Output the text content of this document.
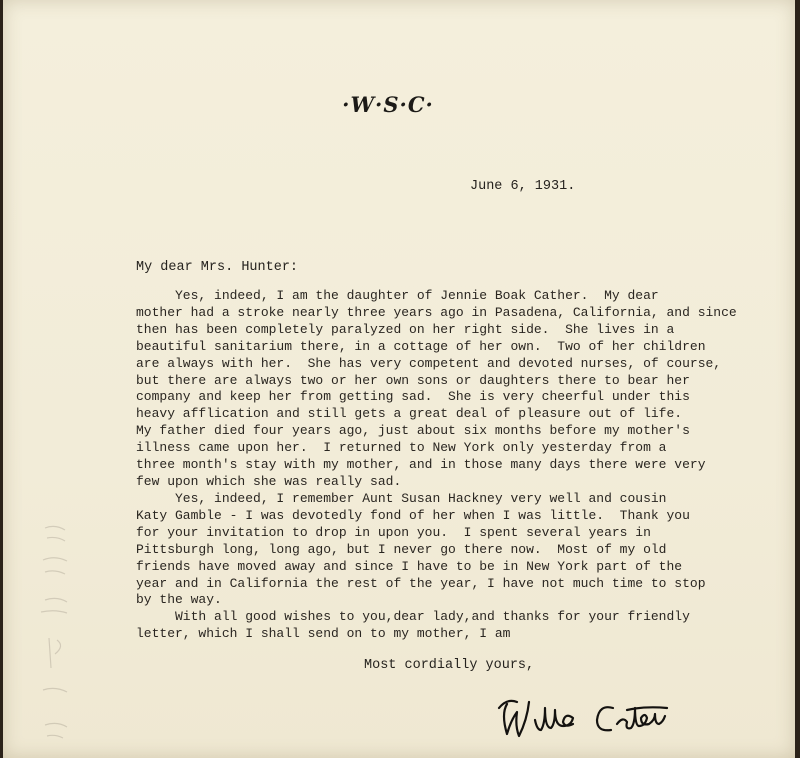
·W·S·C·
June 6, 1931.
My dear Mrs. Hunter:
Yes, indeed, I am the daughter of Jennie Boak Cather.  My dear
mother had a stroke nearly three years ago in Pasadena, California, and since
then has been completely paralyzed on her right side.  She lives in a
beautiful sanitarium there, in a cottage of her own.  Two of her children
are always with her.  She has very competent and devoted nurses, of course,
but there are always two or her own sons or daughters there to bear her
company and keep her from getting sad.  She is very cheerful under this
heavy afflication and still gets a great deal of pleasure out of life.
My father died four years ago, just about six months before my mother's
illness came upon her.  I returned to New York only yesterday from a
three month's stay with my mother, and in those many days there were very
few upon which she was really sad.
Yes, indeed, I remember Aunt Susan Hackney very well and cousin
Katy Gamble - I was devotedly fond of her when I was little.  Thank you
for your invitation to drop in upon you.  I spent several years in
Pittsburgh long, long ago, but I never go there now.  Most of my old
friends have moved away and since I have to be in New York part of the
year and in California the rest of the year, I have not much time to stop
by the way.
With all good wishes to you,dear lady,and thanks for your friendly
letter, which I shall send on to my mother, I am
Most cordially yours,
